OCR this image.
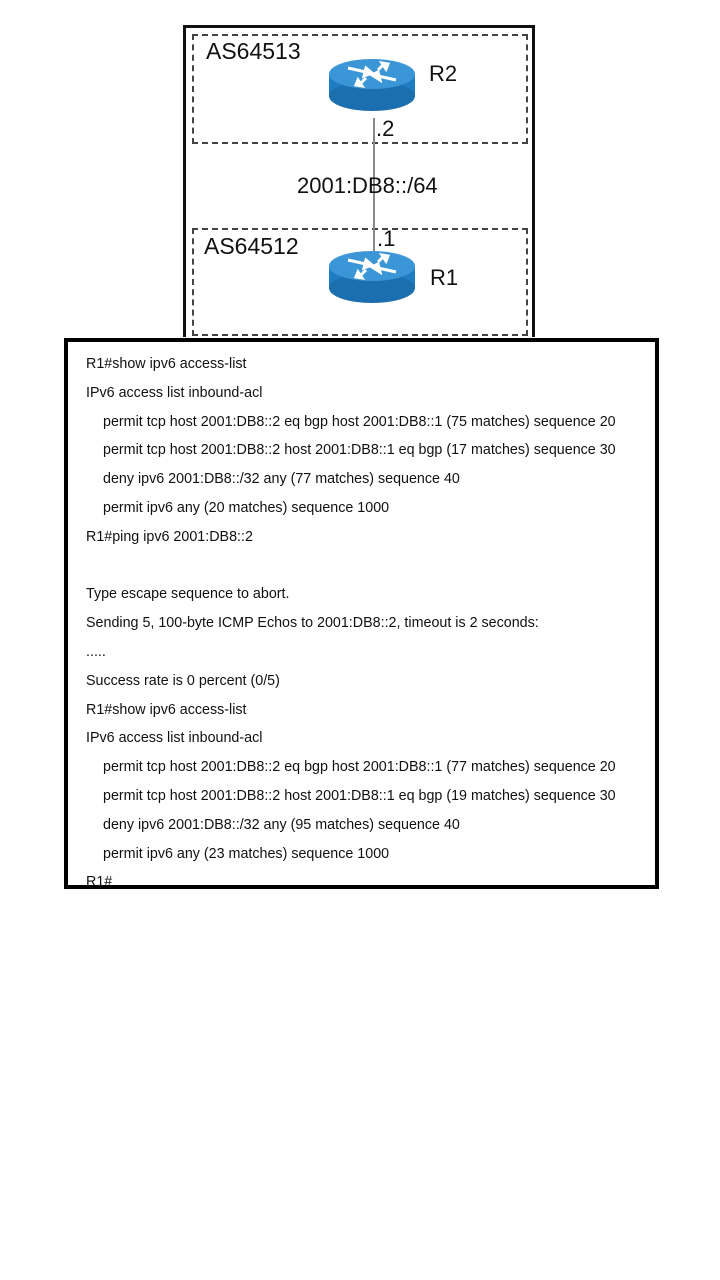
AS64513
AS64512
R2
.2
2001:DB8::/64
.1
R1
R1#show ipv6 access-list
IPv6 access list inbound-acl
permit tcp host 2001:DB8::2 eq bgp host 2001:DB8::1 (75 matches) sequence 20
permit tcp host 2001:DB8::2 host 2001:DB8::1 eq bgp (17 matches) sequence 30
deny ipv6 2001:DB8::/32 any (77 matches) sequence 40
permit ipv6 any (20 matches) sequence 1000
R1#ping ipv6 2001:DB8::2
Type escape sequence to abort.
Sending 5, 100-byte ICMP Echos to 2001:DB8::2, timeout is 2 seconds:
.....
Success rate is 0 percent (0/5)
R1#show ipv6 access-list
IPv6 access list inbound-acl
permit tcp host 2001:DB8::2 eq bgp host 2001:DB8::1 (77 matches) sequence 20
permit tcp host 2001:DB8::2 host 2001:DB8::1 eq bgp (19 matches) sequence 30
deny ipv6 2001:DB8::/32 any (95 matches) sequence 40
permit ipv6 any (23 matches) sequence 1000
R1#
